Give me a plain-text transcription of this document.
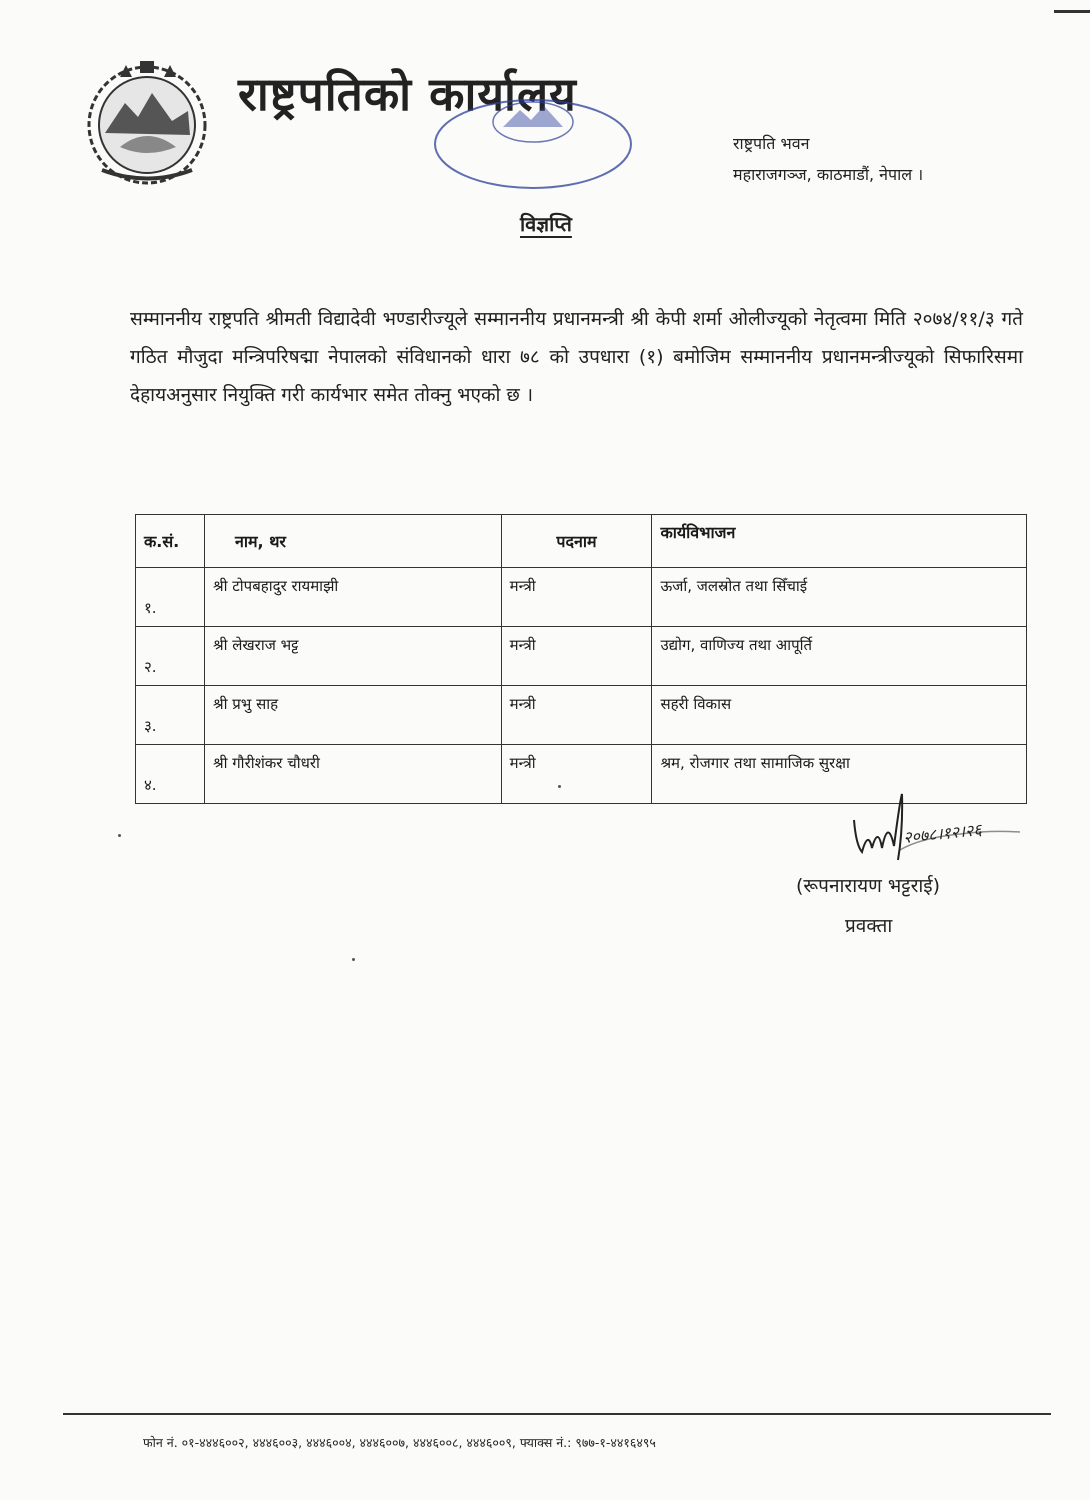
राष्ट्रपतिको कार्यालय
राष्ट्रपति भवन
महाराजगञ्ज, काठमाडौं, नेपाल ।
विज्ञप्ति

सम्माननीय राष्ट्रपति श्रीमती विद्यादेवी भण्डारीज्यूले सम्माननीय प्रधानमन्त्री श्री केपी शर्मा ओलीज्यूको नेतृत्वमा मिति २०७४/११/३ गते गठित मौजुदा मन्त्रिपरिषद्मा नेपालको संविधानको धारा ७८ को उपधारा (१) बमोजिम सम्माननीय प्रधानमन्त्रीज्यूको सिफारिसमा देहायअनुसार नियुक्ति गरी कार्यभार समेत तोक्नु भएको छ ।

क.सं.	नाम, थर	पदनाम	कार्यविभाजन

१.	श्री टोपबहादुर रायमाझी	मन्त्री	ऊर्जा, जलस्रोत तथा सिँचाई

२.	श्री लेखराज भट्ट	मन्त्री	उद्योग, वाणिज्य तथा आपूर्ति

३.	श्री प्रभु साह	मन्त्री	सहरी विकास

४.	श्री गौरीशंकर चौधरी	मन्त्री	श्रम, रोजगार तथा सामाजिक सुरक्षा
२०७८।१२।२६
(रूपनारायण भट्टराई)
प्रवक्ता
फोन नं. ०१-४४४६००२, ४४४६००३, ४४४६००४, ४४४६००७, ४४४६००८, ४४४६००९, फ्याक्स नं.: ९७७-१-४४१६४९५
